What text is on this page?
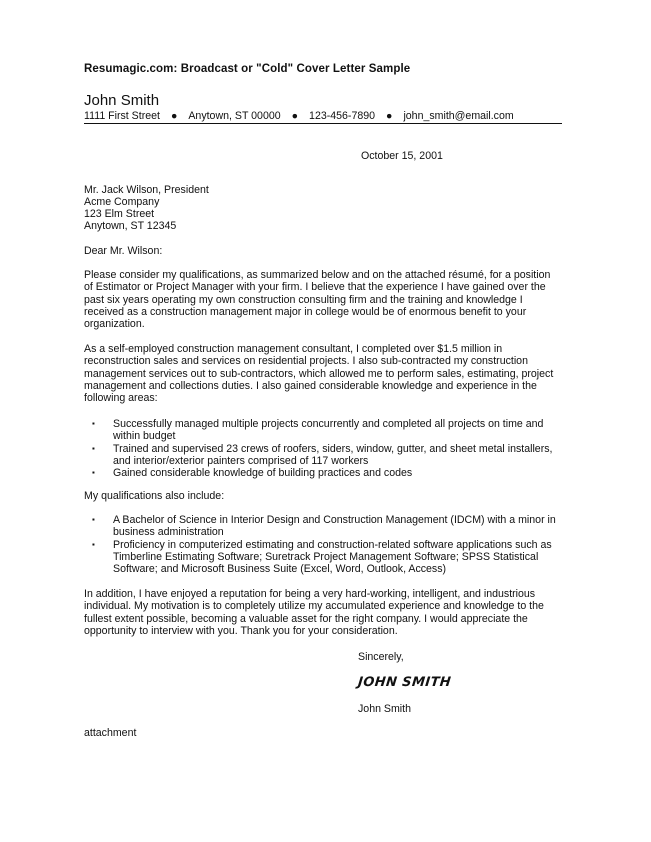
Resumagic.com: Broadcast or "Cold" Cover Letter Sample
John Smith
1111 First Street ● Anytown, ST 00000 ● 123-456-7890 ● john_smith@email.com
October 15, 2001
Mr. Jack Wilson, President
Acme Company
123 Elm Street
Anytown, ST 12345
Dear Mr. Wilson:
Please consider my qualifications, as summarized below and on the attached résumé, for a position of Estimator or Project Manager with your firm. I believe that the experience I have gained over the past six years operating my own construction consulting firm and the training and knowledge I received as a construction management major in college would be of enormous benefit to your organization.
As a self-employed construction management consultant, I completed over $1.5 million in reconstruction sales and services on residential projects. I also sub-contracted my construction management services out to sub-contractors, which allowed me to perform sales, estimating, project management and collections duties. I also gained considerable knowledge and experience in the following areas:
▪ Successfully managed multiple projects concurrently and completed all projects on time and within budget
▪ Trained and supervised 23 crews of roofers, siders, window, gutter, and sheet metal installers, and interior/exterior painters comprised of 117 workers
▪ Gained considerable knowledge of building practices and codes
My qualifications also include:
▪ A Bachelor of Science in Interior Design and Construction Management (IDCM) with a minor in business administration
▪ Proficiency in computerized estimating and construction-related software applications such as Timberline Estimating Software; Suretrack Project Management Software; SPSS Statistical Software; and Microsoft Business Suite (Excel, Word, Outlook, Access)
In addition, I have enjoyed a reputation for being a very hard-working, intelligent, and industrious individual. My motivation is to completely utilize my accumulated experience and knowledge to the fullest extent possible, becoming a valuable asset for the right company. I would appreciate the opportunity to interview with you. Thank you for your consideration.
Sincerely,
JOHN SMITH
John Smith
attachment
